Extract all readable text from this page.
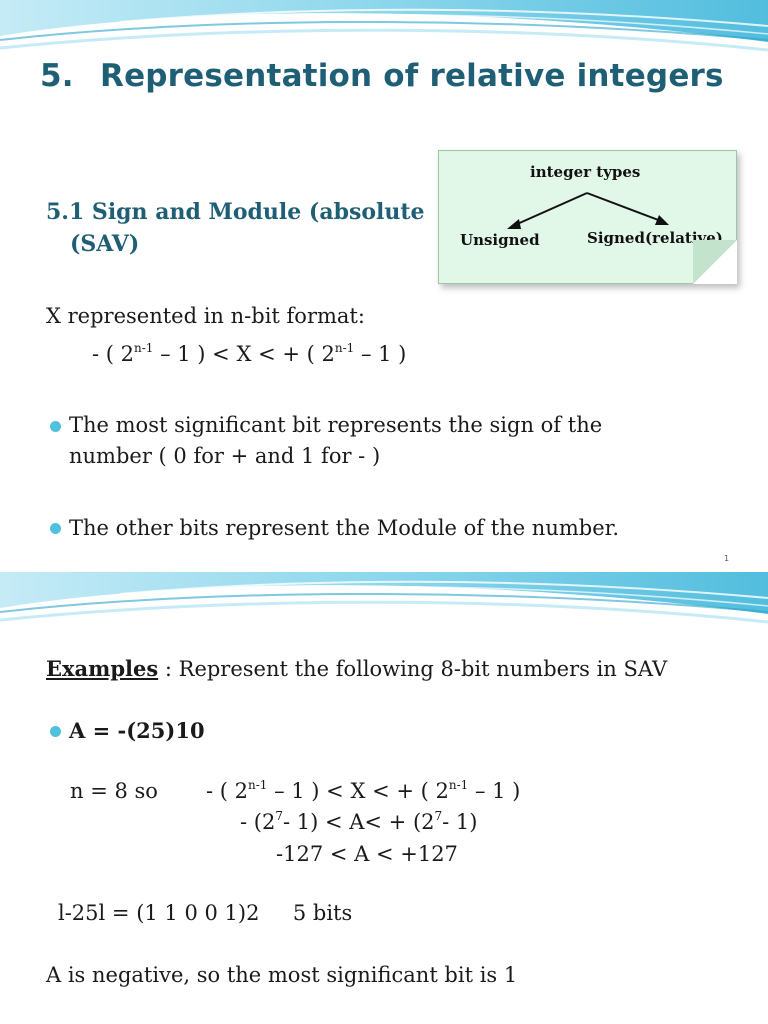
5. Representation of relative integers
5.1 Sign and Module (absolute
(SAV)
integer types
Unsigned	Signed(relative)
X represented in n-bit format:
- ( 2$^{n-1}$ – 1 ) < X < + ( 2$^{n-1}$ – 1 )
The most significant bit represents the sign of the
number ( 0 for + and 1 for - )
The other bits represent the Module of the number.
1
Examples : Represent the following 8-bit numbers in SAV
A = -(25)10
n = 8 so - ( 2$^{n-1}$ – 1 ) < X < + ( 2$^{n-1}$ – 1 )
- ($2^7-$ $1) < A< + (2^7-$ 1)
-127 < A < +127
l-25l = (1 1 0 0 1)2     5 bits
A is negative, so the most significant bit is 1
